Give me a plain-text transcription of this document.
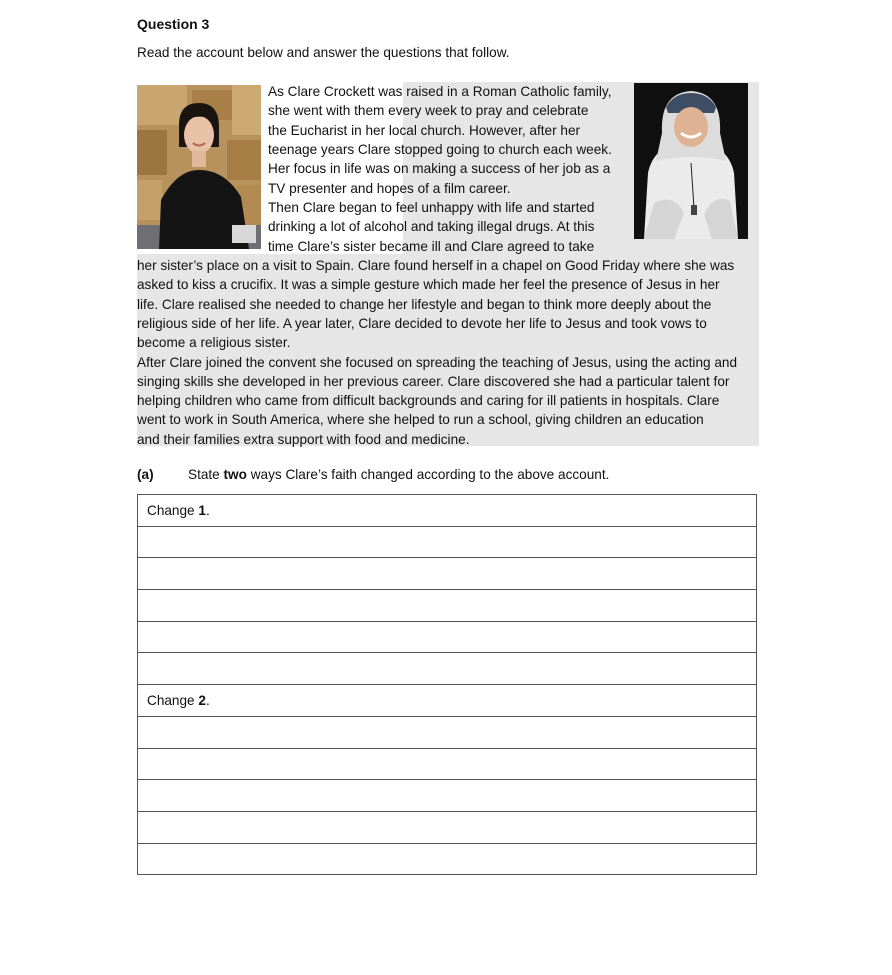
Question 3

Read the account below and answer the questions that follow.

As Clare Crockett was raised in a Roman Catholic family,

she went with them every week to pray and celebrate

the Eucharist in her local church. However, after her

teenage years Clare stopped going to church each week.

Her focus in life was on making a success of her job as a

TV presenter and hopes of a film career.

Then Clare began to feel unhappy with life and started

drinking a lot of alcohol and taking illegal drugs. At this

time Clare’s sister became ill and Clare agreed to take

her sister’s place on a visit to Spain. Clare found herself in a chapel on Good Friday where she was

asked to kiss a crucifix. It was a simple gesture which made her feel the presence of Jesus in her

life. Clare realised she needed to change her lifestyle and began to think more deeply about the

religious side of her life. A year later, Clare decided to devote her life to Jesus and took vows to

become a religious sister.

After Clare joined the convent she focused on spreading the teaching of Jesus, using the acting and

singing skills she developed in her previous career. Clare discovered she had a particular talent for

helping children who came from difficult backgrounds and caring for ill patients in hospitals. Clare

went to work in South America, where she helped to run a school, giving children an education

and their families extra support with food and medicine.

(a)	State two ways Clare’s faith changed according to the above account.
Change 1.

Change 2.
